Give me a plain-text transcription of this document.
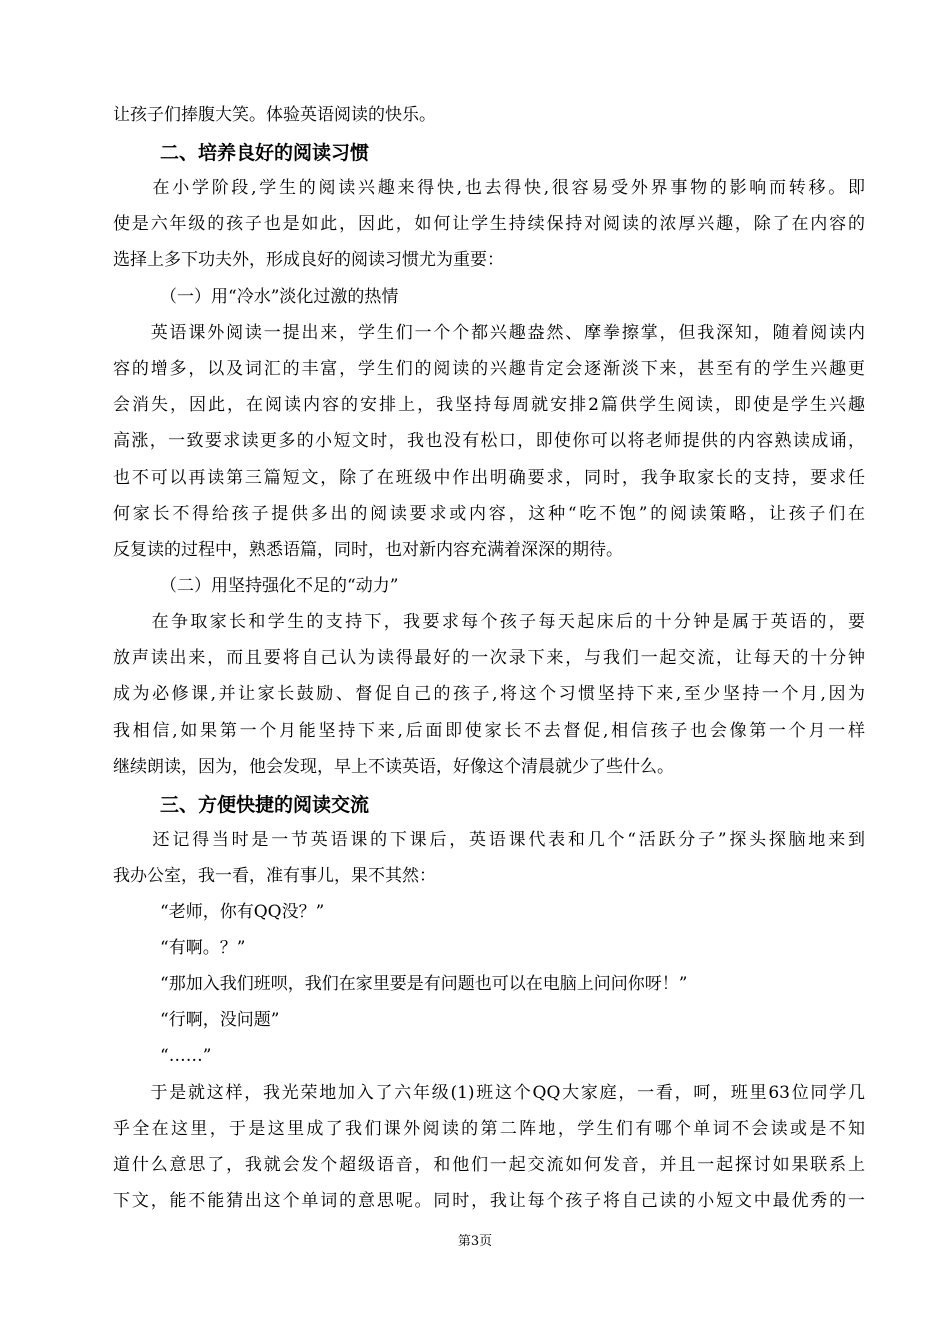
让孩子们捧腹大笑。体验英语阅读的快乐。
二、培养良好的阅读习惯
　　在小学阶段,学生的阅读兴趣来得快,也去得快,很容易受外界事物的影响而转移。即
使是六年级的孩子也是如此，因此，如何让学生持续保持对阅读的浓厚兴趣，除了在内容的
选择上多下功夫外，形成良好的阅读习惯尤为重要：
（一）用“冷水”淡化过激的热情
　　英语课外阅读一提出来，学生们一个个都兴趣盎然、摩拳擦掌，但我深知，随着阅读内
容的增多，以及词汇的丰富，学生们的阅读的兴趣肯定会逐渐淡下来，甚至有的学生兴趣更
会消失，因此，在阅读内容的安排上，我坚持每周就安排2篇供学生阅读，即使是学生兴趣
高涨，一致要求读更多的小短文时，我也没有松口，即使你可以将老师提供的内容熟读成诵，
也不可以再读第三篇短文，除了在班级中作出明确要求，同时，我争取家长的支持，要求任
何家长不得给孩子提供多出的阅读要求或内容，这种“吃不饱”的阅读策略，让孩子们在
反复读的过程中，熟悉语篇，同时，也对新内容充满着深深的期待。
（二）用坚持强化不足的“动力”
　　在争取家长和学生的支持下，我要求每个孩子每天起床后的十分钟是属于英语的，要
放声读出来，而且要将自己认为读得最好的一次录下来，与我们一起交流，让每天的十分钟
成为必修课,并让家长鼓励、督促自己的孩子,将这个习惯坚持下来,至少坚持一个月,因为
我相信,如果第一个月能坚持下来,后面即使家长不去督促,相信孩子也会像第一个月一样
继续朗读，因为，他会发现，早上不读英语，好像这个清晨就少了些什么。
三、方便快捷的阅读交流
　　还记得当时是一节英语课的下课后，英语课代表和几个“活跃分子”探头探脑地来到
我办公室，我一看，准有事儿，果不其然：
“老师，你有QQ没？”
“有啊。？”
“那加入我们班呗，我们在家里要是有问题也可以在电脑上问问你呀！”
“行啊，没问题”
“……”
　　于是就这样，我光荣地加入了六年级(1)班这个QQ大家庭，一看，呵，班里63位同学几
乎全在这里，于是这里成了我们课外阅读的第二阵地，学生们有哪个单词不会读或是不知
道什么意思了，我就会发个超级语音，和他们一起交流如何发音，并且一起探讨如果联系上
下文，能不能猜出这个单词的意思呢。同时，我让每个孩子将自己读的小短文中最优秀的一
第3页
